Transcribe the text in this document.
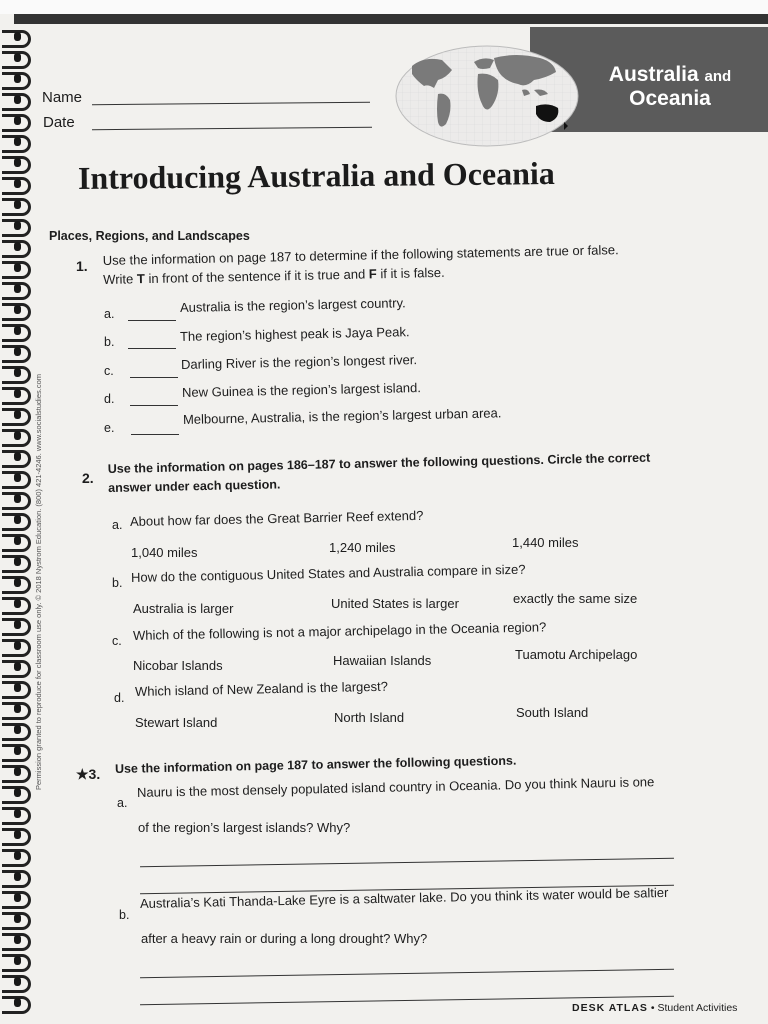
Permission granted to reproduce for classroom use only. © 2018 Nystrom Education. (800) 421-4246. www.socialstudies.com
Australia and
Oceania
Name
Date
Introducing Australia and Oceania
Places, Regions, and Landscapes
1. Use the information on page 187 to determine if the following statements are true or false.
Write T in front of the sentence if it is true and F if it is false.
a.	Australia is the region’s largest country.
b.	The region’s highest peak is Jaya Peak.
c.	Darling River is the region’s longest river.
d.	New Guinea is the region’s largest island.
e.
Melbourne, Australia, is the region’s largest urban area.
2.
Use the information on pages 186–187 to answer the following questions. Circle the correct
answer under each question.
a. About how far does the Great Barrier Reef extend?
1,040 miles	1,240 miles	1,440 miles
b. How do the contiguous United States and Australia compare in size?
Australia is larger	United States is larger	exactly the same size
c. Which of the following is not a major archipelago in the Oceania region?
Nicobar Islands	Hawaiian Islands	Tuamotu Archipelago
d. Which island of New Zealand is the largest?
Stewart Island	North Island	South Island
★3. Use the information on page 187 to answer the following questions.
a.
Nauru is the most densely populated island country in Oceania. Do you think Nauru is one
of the region’s largest islands? Why?
b.
Australia’s Kati Thanda-Lake Eyre is a saltwater lake. Do you think its water would be saltier
after a heavy rain or during a long drought? Why?
DESK ATLAS • Student Activities
